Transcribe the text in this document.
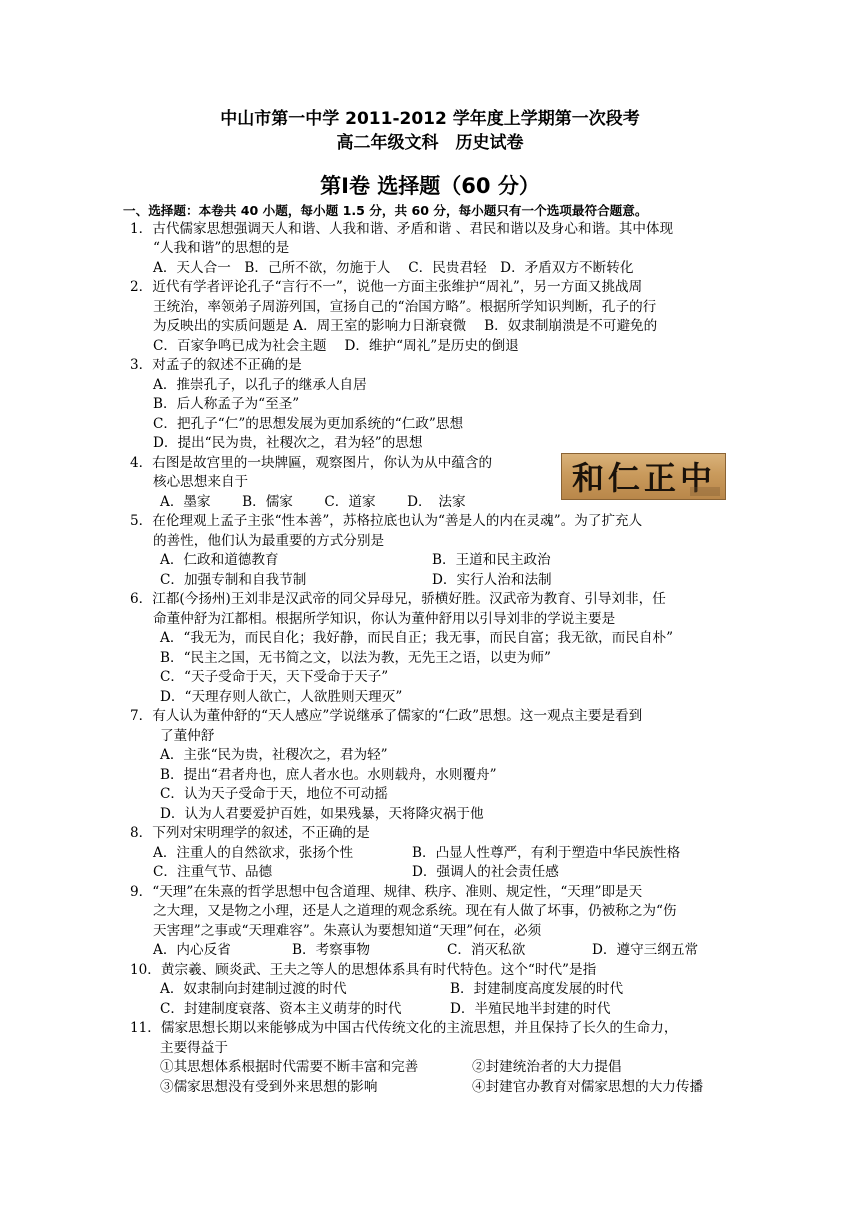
中山市第一中学 2011-2012 学年度上学期第一次段考
高二年级文科　历史试卷
第Ⅰ卷 选择题（60 分）
一、选择题：本卷共 40 小题，每小题 1.5 分，共 60 分，每小题只有一个选项最符合题意。
1．古代儒家思想强调天人和谐、人我和谐、矛盾和谐 、君民和谐以及身心和谐。其中体现
“人我和谐”的思想的是
A．天人合一　B．己所不欲，勿施于人　 C．民贵君轻　D．矛盾双方不断转化
2．近代有学者评论孔子“言行不一”，说他一方面主张维护“周礼”，另一方面又挑战周
王统治，率领弟子周游列国，宣扬自己的“治国方略”。根据所学知识判断，孔子的行
为反映出的实质问题是 A．周王室的影响力日渐衰微　 B．奴隶制崩溃是不可避免的
C．百家争鸣已成为社会主题　 D．维护“周礼”是历史的倒退
3．对孟子的叙述不正确的是
A．推崇孔子，以孔子的继承人自居
B．后人称孟子为“至圣”
C．把孔子“仁”的思想发展为更加系统的“仁政”思想
D．提出“民为贵，社稷次之，君为轻”的思想
4．右图是故宫里的一块牌匾，观察图片，你认为从中蕴含的
核心思想来自于
A．墨家　　 B．儒家　　 C．道家　　 D．　法家
和仁正中
5．在伦理观上孟子主张“性本善”，苏格拉底也认为“善是人的内在灵魂”。为了扩充人
的善性，他们认为最重要的方式分别是
A．仁政和道德教育	B．王道和民主政治
C．加强专制和自我节制	D．实行人治和法制
6．江都(今扬州)王刘非是汉武帝的同父异母兄，骄横好胜。汉武帝为教育、引导刘非，任
命董仲舒为江都相。根据所学知识，你认为董仲舒用以引导刘非的学说主要是
A．“我无为，而民自化；我好静，而民自正；我无事，而民自富；我无欲，而民自朴”
B．“民主之国，无书简之文，以法为教，无先王之语，以吏为师”
C．“天子受命于天，天下受命于天子”
D．“天理存则人欲亡，人欲胜则天理灭”
7．有人认为董仲舒的“天人感应”学说继承了儒家的“仁政”思想。这一观点主要是看到
了董仲舒
A．主张“民为贵，社稷次之，君为轻”
B．提出“君者舟也，庶人者水也。水则载舟，水则覆舟”
C．认为天子受命于天，地位不可动摇
D．认为人君要爱护百姓，如果残暴，天将降灾祸于他
8．下列对宋明理学的叙述，不正确的是
A．注重人的自然欲求，张扬个性	B．凸显人性尊严，有利于塑造中华民族性格
C．注重气节、品德	D．强调人的社会责任感
9．“天理”在朱熹的哲学思想中包含道理、规律、秩序、准则、规定性，“天理”即是天
之大理，又是物之小理，还是人之道理的观念系统。现在有人做了坏事，仍被称之为“伤
天害理”之事或“天理难容”。朱熹认为要想知道“天理”何在，必须
A．内心反省	B．考察事物	C．消灭私欲	D．遵守三纲五常
10．黄宗羲、顾炎武、王夫之等人的思想体系具有时代特色。这个“时代”是指
A．奴隶制向封建制过渡的时代	B．封建制度高度发展的时代
C．封建制度衰落、资本主义萌芽的时代	D．半殖民地半封建的时代
11．儒家思想长期以来能够成为中国古代传统文化的主流思想，并且保持了长久的生命力，
主要得益于
①其思想体系根据时代需要不断丰富和完善	②封建统治者的大力提倡
③儒家思想没有受到外来思想的影响	④封建官办教育对儒家思想的大力传播
